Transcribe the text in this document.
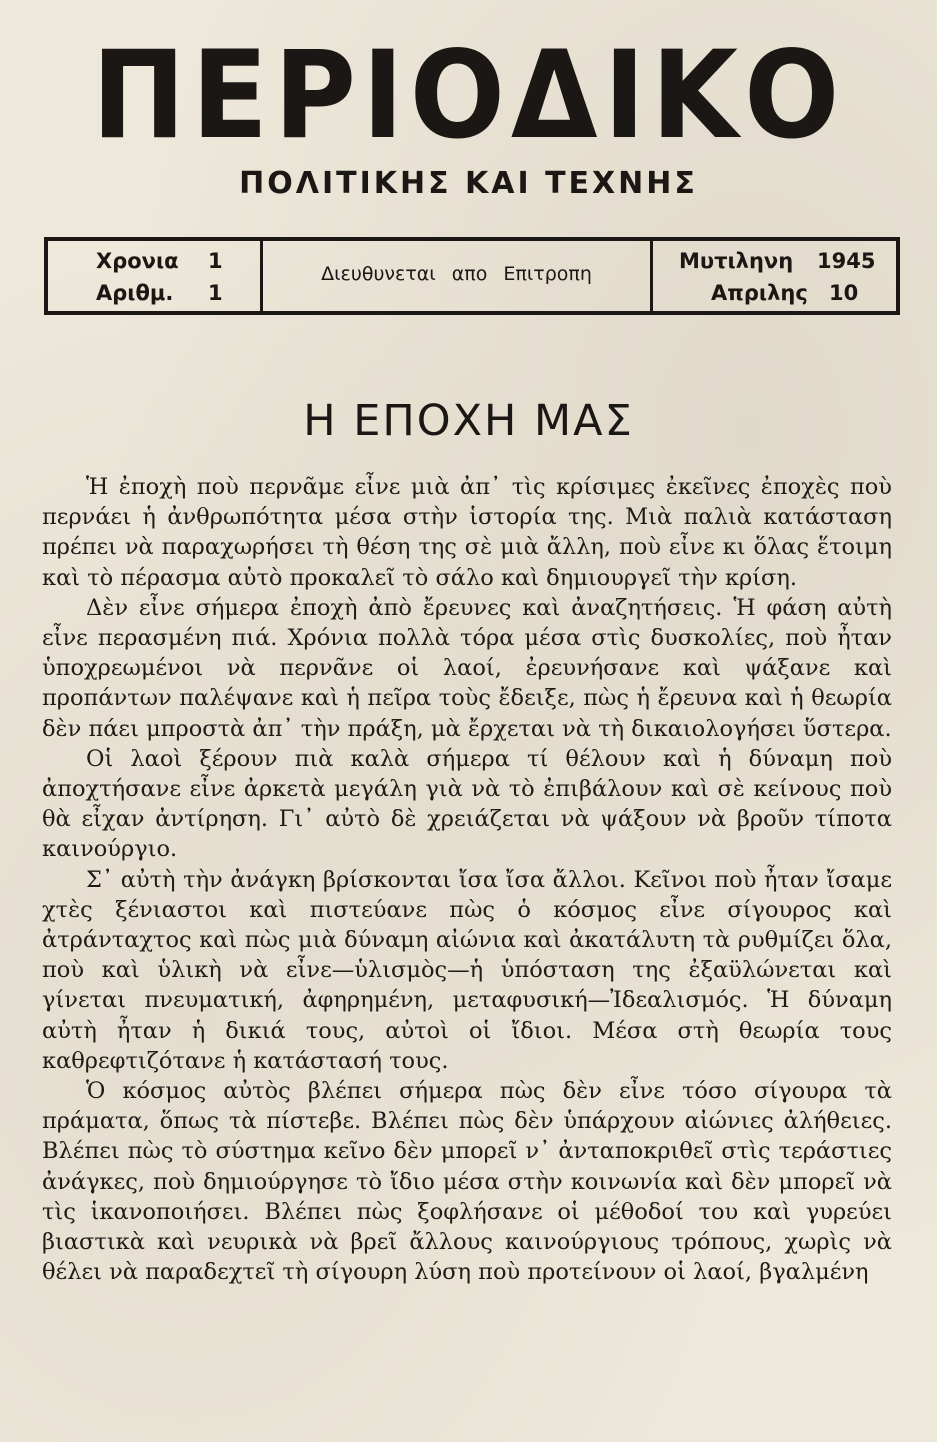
ΠΕΡΙΟΔΙΚΟ
ΠΟΛΙΤΙΚΗΣ ΚΑΙ ΤΕΧΝΗΣ
Χρονια 1
Αριθμ. 1
Διευθυνεται απο Επιτροπη
Μυτιληνη 1945
Απριλης 10
Η ΕΠΟΧΗ ΜΑΣ

Ἡ ἐποχὴ ποὺ περνᾶμε εἶνε μιὰ ἀπ᾽ τὶς κρίσιμες ἐκεῖνες ἐποχὲς ποὺ περνάει ἡ ἀνθρωπότητα μέσα στὴν ἱστορία της. Μιὰ παλιὰ κατάσταση πρέπει νὰ παραχωρήσει τὴ θέση της σὲ μιὰ ἄλλη, ποὺ εἶνε κι ὅλας ἕτοιμη καὶ τὸ πέρασμα αὐτὸ προκαλεῖ τὸ σάλο καὶ δημιουργεῖ τὴν κρίση.

Δὲν εἶνε σήμερα ἐποχὴ ἀπὸ ἔρευνες καὶ ἀναζητήσεις. Ἡ φάση αὐτὴ εἶνε περασμένη πιά. Χρόνια πολλὰ τόρα μέσα στὶς δυσκολίες, ποὺ ἦταν ὑποχρεωμένοι νὰ περνᾶνε οἱ λαοί, ἐρευνήσανε καὶ ψάξανε καὶ προπάντων παλέψανε καὶ ἡ πεῖρα τοὺς ἔδειξε, πὼς ἡ ἔρευνα καὶ ἡ θεωρία δὲν πάει μπροστὰ ἀπ᾽ τὴν πράξη, μὰ ἔρχεται νὰ τὴ δικαιολογήσει ὕστερα.

Οἱ λαοὶ ξέρουν πιὰ καλὰ σήμερα τί θέλουν καὶ ἡ δύναμη ποὺ ἀποχτήσανε εἶνε ἀρκετὰ μεγάλη γιὰ νὰ τὸ ἐπιβάλουν καὶ σὲ κείνους ποὺ θὰ εἶχαν ἀντίρηση. Γι᾽ αὐτὸ δὲ χρειάζεται νὰ ψάξουν νὰ βροῦν τίποτα καινούργιο.

Σ᾽ αὐτὴ τὴν ἀνάγκη βρίσκονται ἴσα ἴσα ἄλλοι. Κεῖνοι ποὺ ἦταν ἴσαμε χτὲς ξένιαστοι καὶ πιστεύανε πὼς ὁ κόσμος εἶνε σίγουρος καὶ ἀτράνταχτος καὶ πὼς μιὰ δύναμη αἰώνια καὶ ἀκατάλυτη τὰ ρυθμίζει ὅλα, ποὺ καὶ ὑλικὴ νὰ εἶνε—ὑλισμὸς—ἡ ὑπόσταση της ἐξαϋλώνεται καὶ γίνεται πνευματική, ἀφηρημένη, μεταφυσική—Ἰδεαλισμός. Ἡ δύναμη αὐτὴ ἦταν ἡ δικιά τους, αὐτοὶ οἱ ἴδιοι. Μέσα στὴ θεωρία τους καθρεφτιζότανε ἡ κατάστασή τους.

Ὁ κόσμος αὐτὸς βλέπει σήμερα πὼς δὲν εἶνε τόσο σίγουρα τὰ πράματα, ὅπως τὰ πίστεβε. Βλέπει πὼς δὲν ὑπάρχουν αἰώνιες ἀλήθειες. Βλέπει πὼς τὸ σύστημα κεῖνο δὲν μπορεῖ ν᾽ ἀνταποκριθεῖ στὶς τεράστιες ἀνάγκες, ποὺ δημιούργησε τὸ ἴδιο μέσα στὴν κοινωνία καὶ δὲν μπορεῖ νὰ τὶς ἱκανοποιήσει. Βλέπει πὼς ξοφλήσανε οἱ μέθοδοί του καὶ γυρεύει βιαστικὰ καὶ νευρικὰ νὰ βρεῖ ἄλλους καινούργιους τρόπους, χωρὶς νὰ θέλει νὰ παραδεχτεῖ τὴ σίγουρη λύση ποὺ προτείνουν οἱ λαοί, βγαλμένη
